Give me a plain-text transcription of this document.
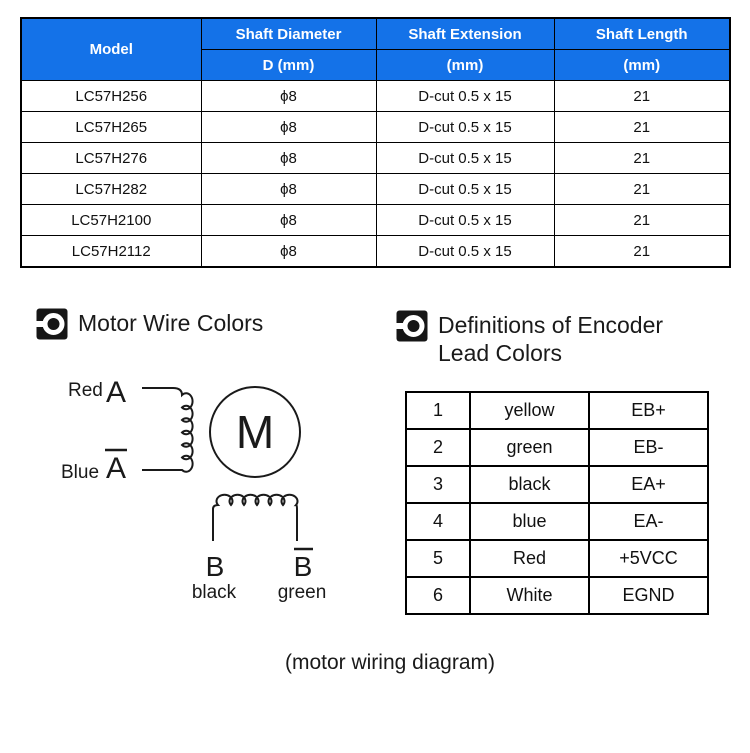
Model	Shaft Diameter	Shaft Extension	Shaft Length
	D (mm)	(mm)	(mm)
LC57H256	ϕ8	D-cut 0.5 x 15	21
LC57H265	ϕ8	D-cut 0.5 x 15	21
LC57H276	ϕ8	D-cut 0.5 x 15	21
LC57H282	ϕ8	D-cut 0.5 x 15	21
LC57H2100	ϕ8	D-cut 0.5 x 15	21
LC57H2112	ϕ8	D-cut 0.5 x 15	21
Motor Wire Colors	Definitions of Encoder Lead Colors
Red A
Blue A
M
B B
black green
1	yellow	EB+
2	green	EB-
3	black	EA+
4	blue	EA-
5	Red	+5VCC
6	White	EGND
(motor wiring diagram)
